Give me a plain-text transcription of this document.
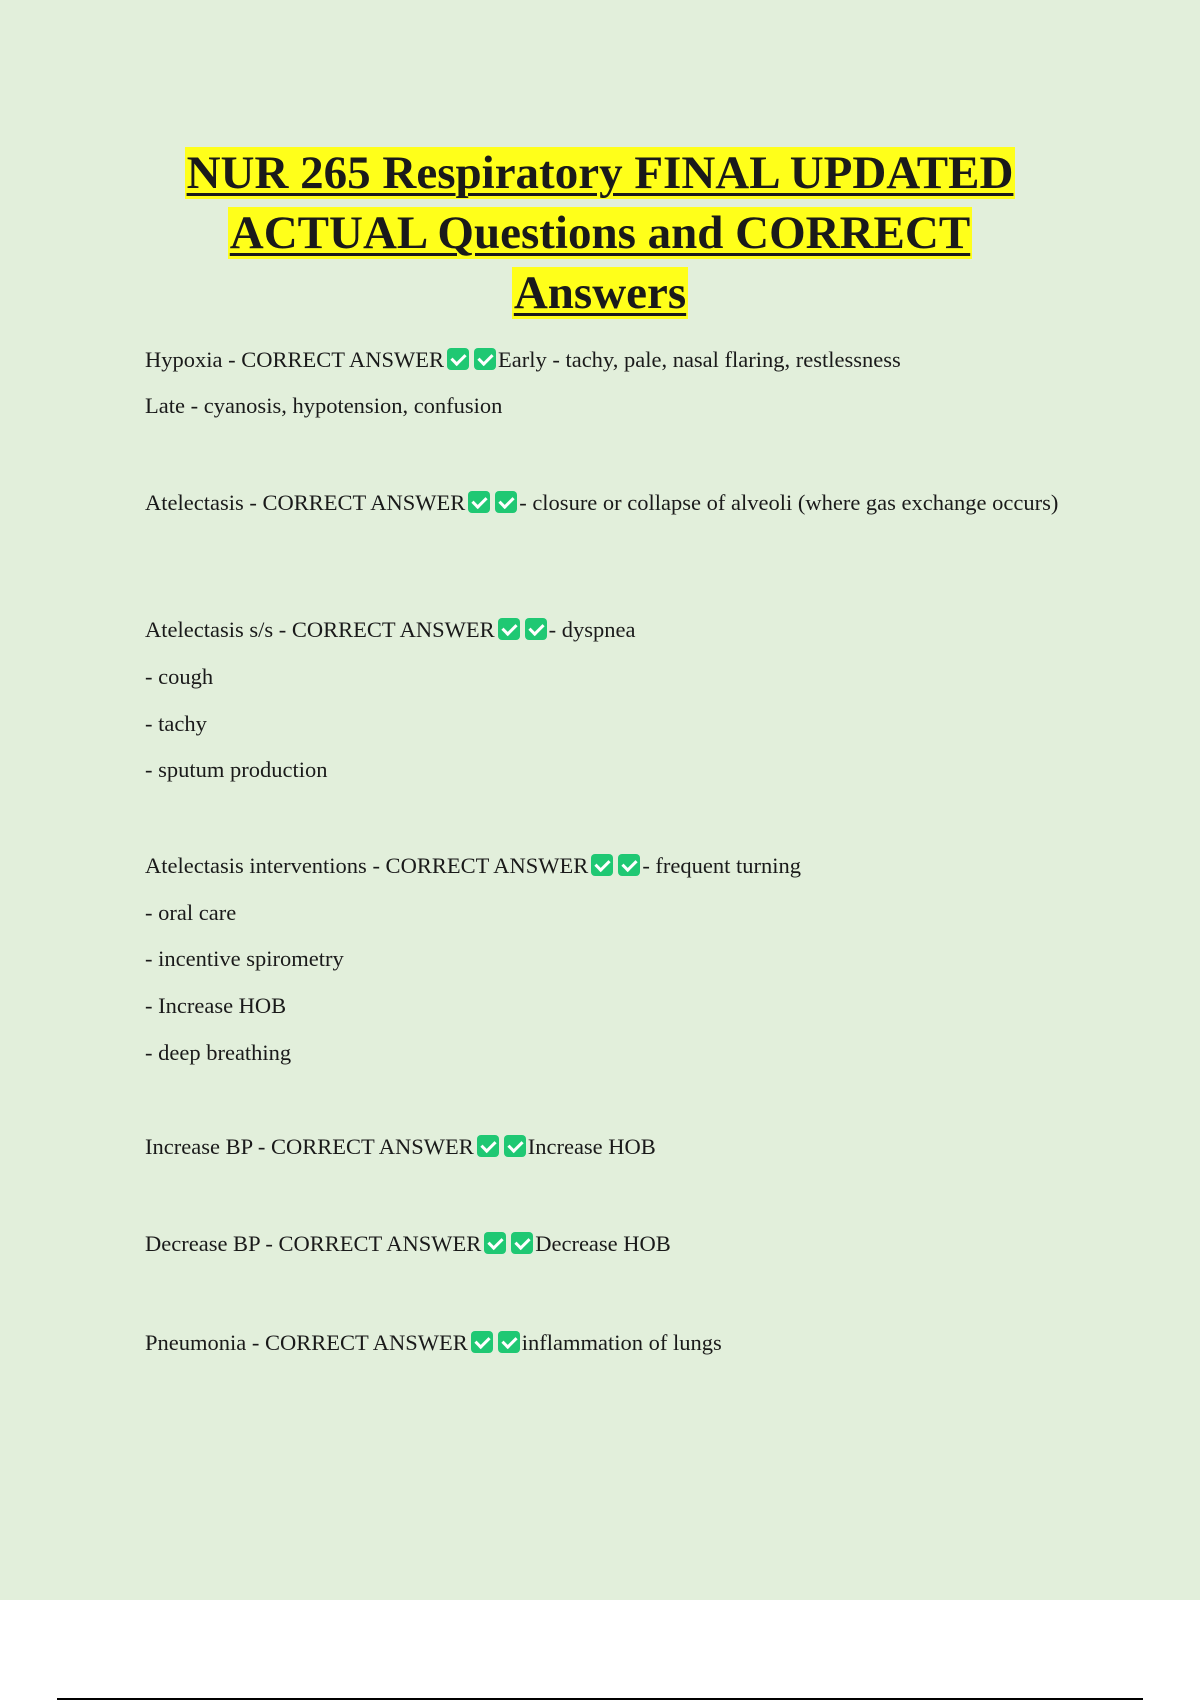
NUR 265 Respiratory FINAL UPDATED
ACTUAL Questions and CORRECT
Answers
Hypoxia - CORRECT ANSWER Early - tachy, pale, nasal flaring, restlessness
Late - cyanosis, hypotension, confusion
Atelectasis - CORRECT ANSWER - closure or collapse of alveoli (where gas exchange occurs)
Atelectasis s/s - CORRECT ANSWER - dyspnea
- cough
- tachy
- sputum production
Atelectasis interventions - CORRECT ANSWER - frequent turning
- oral care
- incentive spirometry
- Increase HOB
- deep breathing
Increase BP - CORRECT ANSWER Increase HOB
Decrease BP - CORRECT ANSWER Decrease HOB
Pneumonia - CORRECT ANSWER inflammation of lungs
